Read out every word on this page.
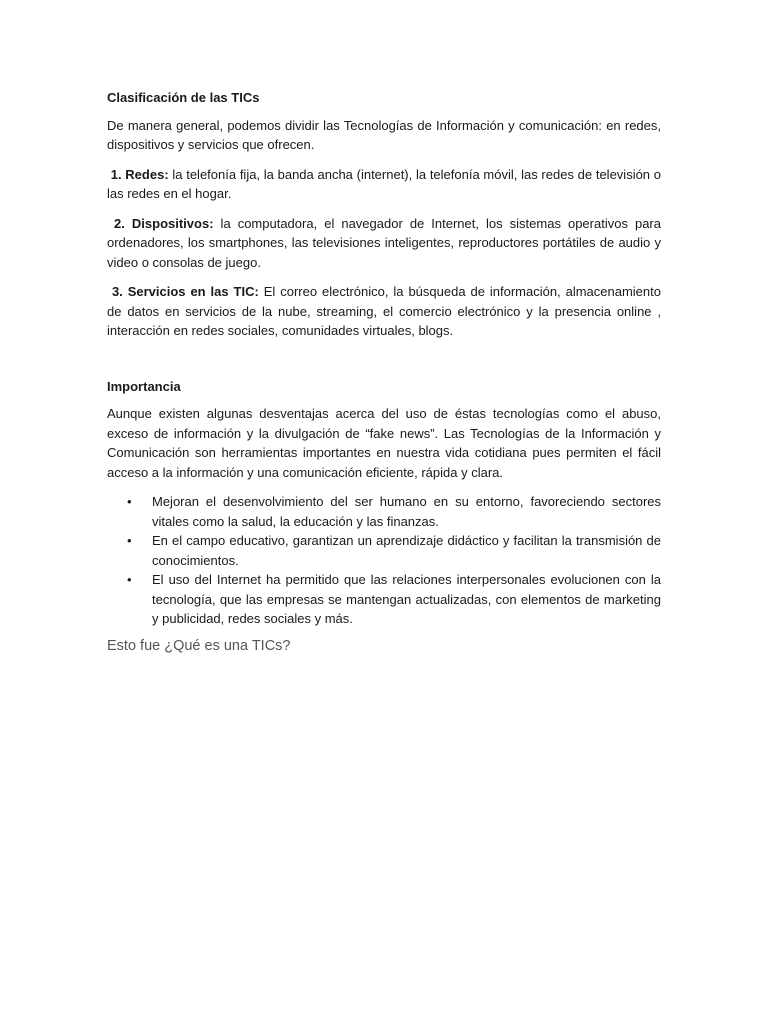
Clasificación de las TICs

De manera general, podemos dividir las Tecnologías de Información y comunicación: en redes, dispositivos y servicios que ofrecen.

1. Redes: la telefonía fija, la banda ancha (internet), la telefonía móvil, las redes de televisión o las redes en el hogar.

2. Dispositivos: la computadora, el navegador de Internet, los sistemas operativos para ordenadores, los smartphones, las televisiones inteligentes, reproductores portátiles de audio y video o consolas de juego.

3. Servicios en las TIC: El correo electrónico, la búsqueda de información, almacenamiento de datos en servicios de la nube, streaming, el comercio electrónico y la presencia online , interacción en redes sociales, comunidades virtuales, blogs.

Importancia

Aunque existen algunas desventajas acerca del uso de éstas tecnologías como el abuso, exceso de información y la divulgación de “fake news”. Las Tecnologías de la Información y Comunicación son herramientas importantes en nuestra vida cotidiana pues permiten el fácil acceso a la información y una comunicación eficiente, rápida y clara.

• Mejoran el desenvolvimiento del ser humano en su entorno, favoreciendo sectores vitales como la salud, la educación y las finanzas.
• En el campo educativo, garantizan un aprendizaje didáctico y facilitan la transmisión de conocimientos.
• El uso del Internet ha permitido que las relaciones interpersonales evolucionen con la tecnología, que las empresas se mantengan actualizadas, con elementos de marketing y publicidad, redes sociales y más.

Esto fue ¿Qué es una TICs?
